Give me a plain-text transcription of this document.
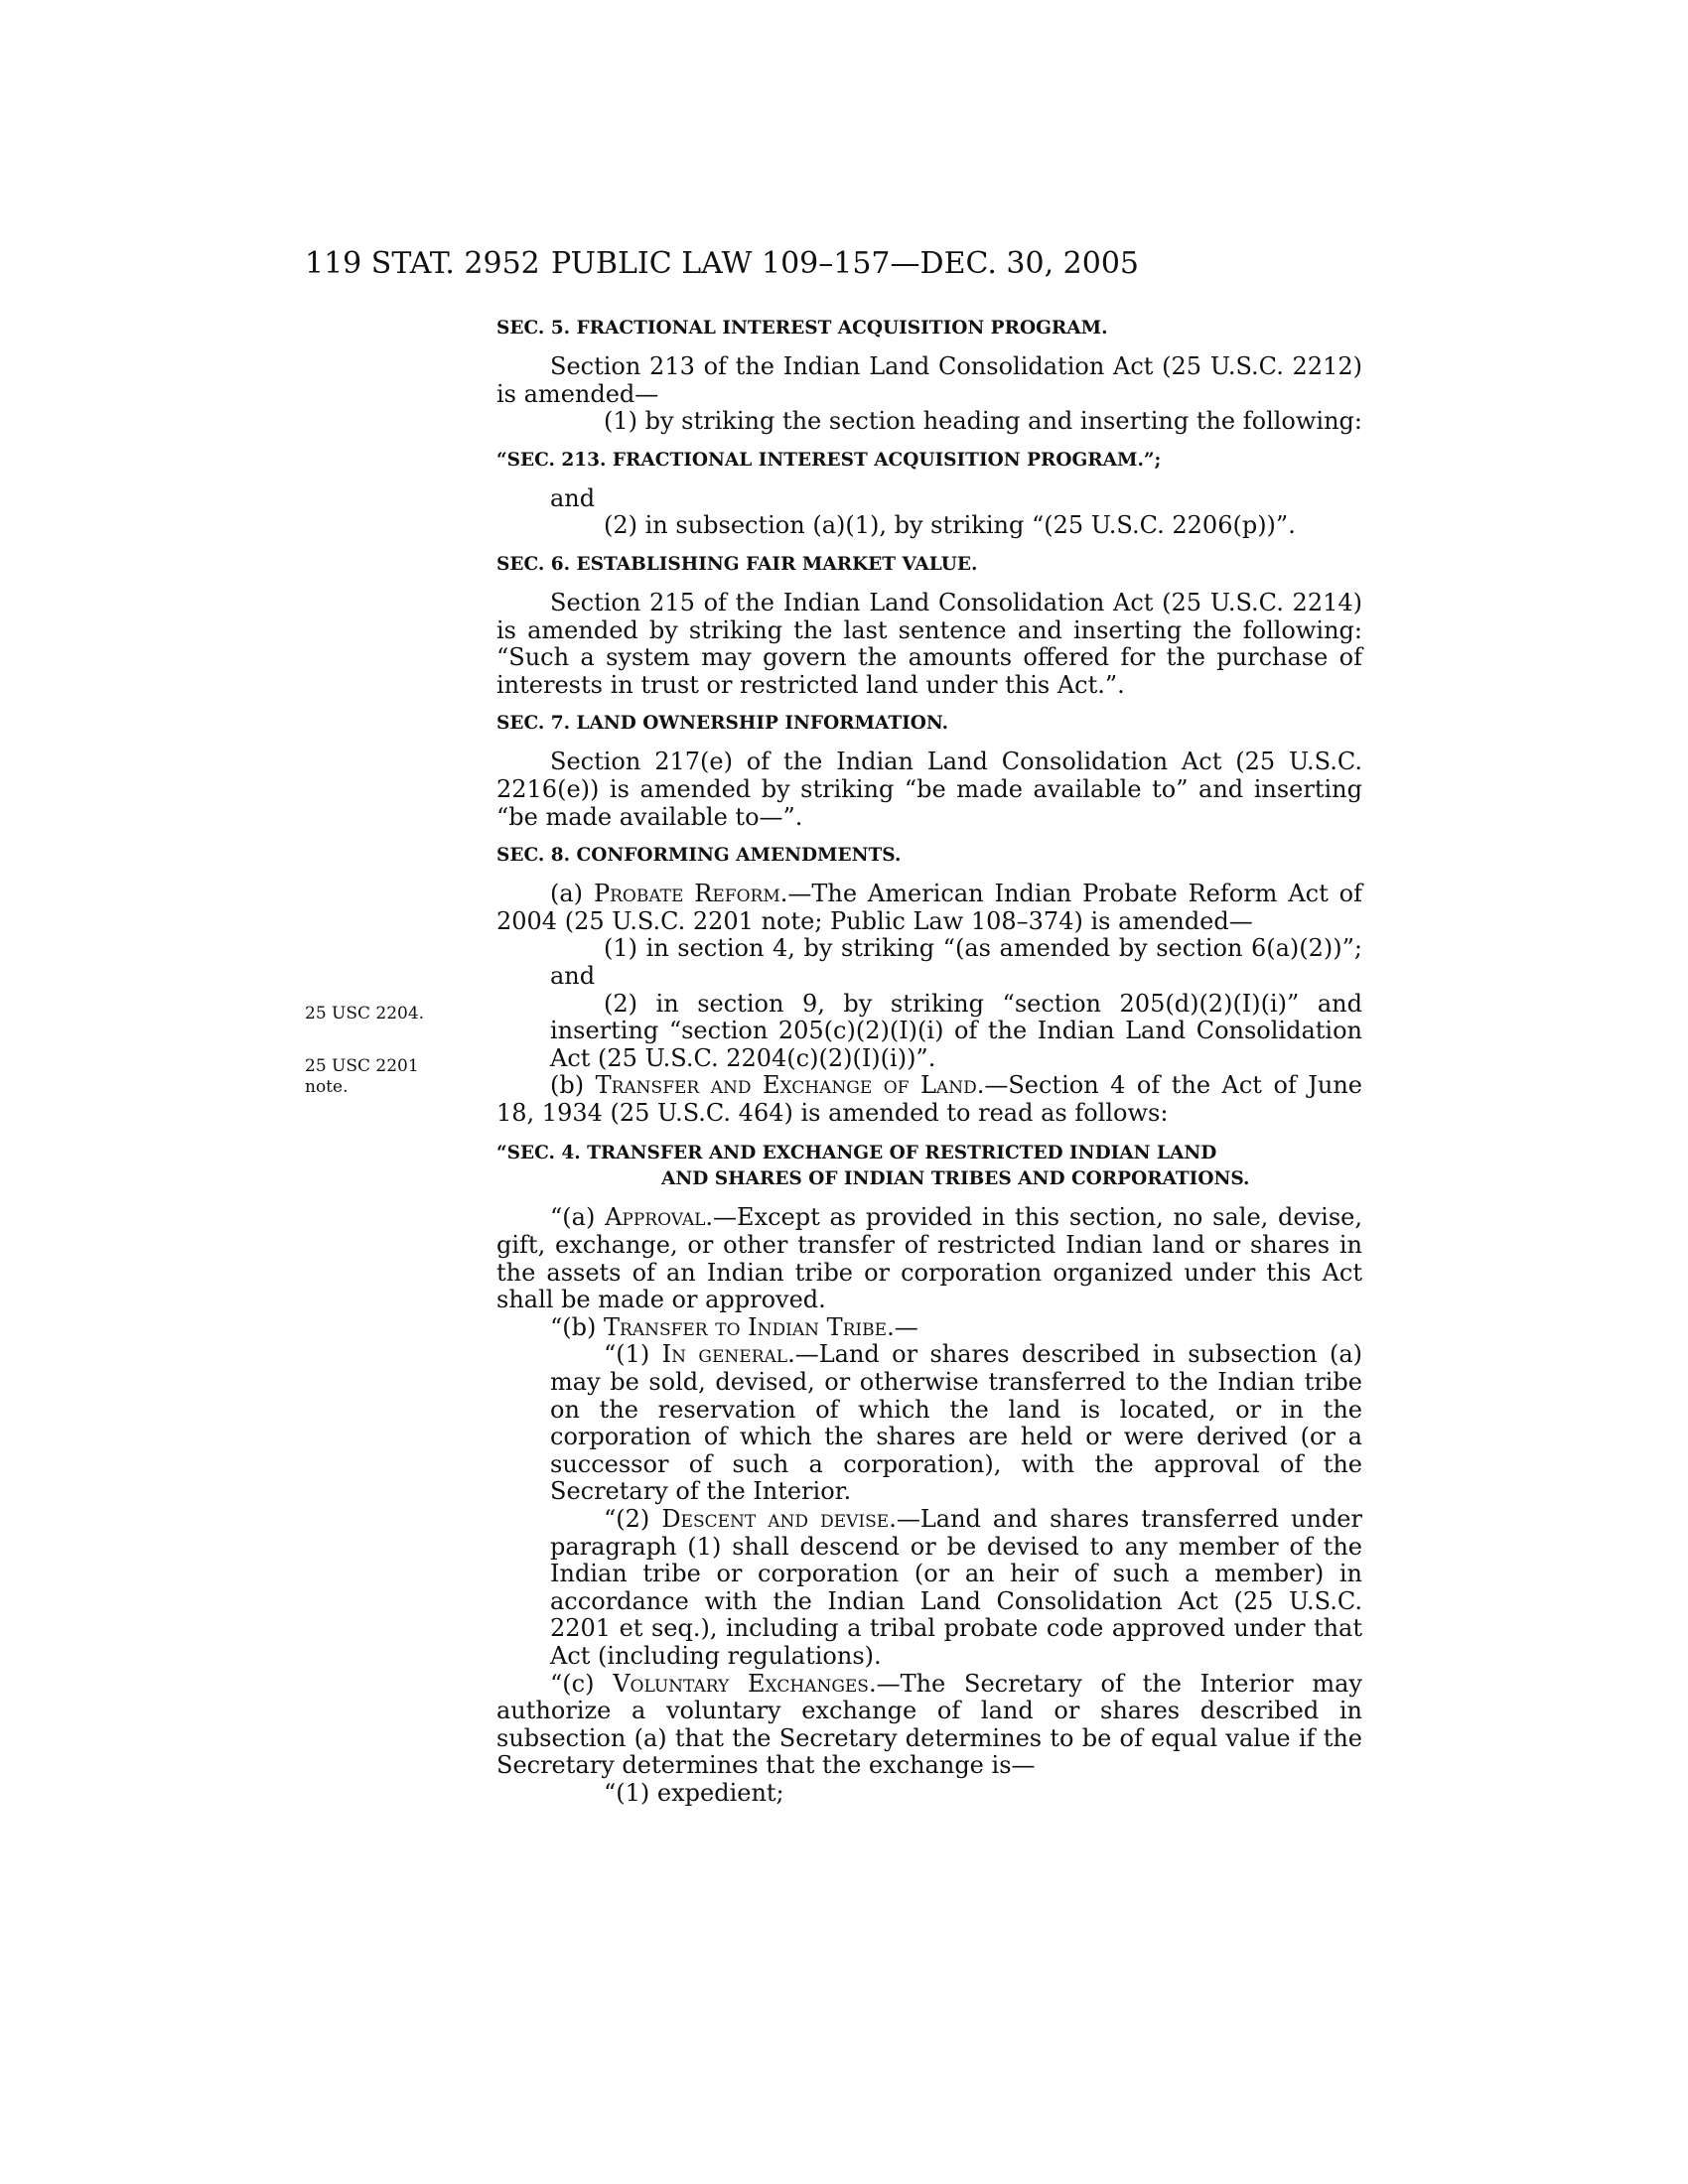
119 STAT. 2952 PUBLIC LAW 109–157—DEC. 30, 2005
25 USC 2204.
25 USC 2201
note.

SEC. 5. FRACTIONAL INTEREST ACQUISITION PROGRAM.

Section 213 of the Indian Land Consolidation Act (25 U.S.C. 2212) is amended—

(1) by striking the section heading and inserting the following:

“SEC. 213. FRACTIONAL INTEREST ACQUISITION PROGRAM.”;

and

(2) in subsection (a)(1), by striking “(25 U.S.C. 2206(p))”.

SEC. 6. ESTABLISHING FAIR MARKET VALUE.

Section 215 of the Indian Land Consolidation Act (25 U.S.C. 2214) is amended by striking the last sentence and inserting the following: “Such a system may govern the amounts offered for the purchase of interests in trust or restricted land under this Act.”.

SEC. 7. LAND OWNERSHIP INFORMATION.

Section 217(e) of the Indian Land Consolidation Act (25 U.S.C. 2216(e)) is amended by striking “be made available to” and inserting “be made available to—”.

SEC. 8. CONFORMING AMENDMENTS.

(a) Probate Reform.—The American Indian Probate Reform Act of 2004 (25 U.S.C. 2201 note; Public Law 108–374) is amended—

(1) in section 4, by striking “(as amended by section 6(a)(2))”; and

(2) in section 9, by striking “section 205(d)(2)(I)(i)” and inserting “section 205(c)(2)(I)(i) of the Indian Land Consolidation Act (25 U.S.C. 2204(c)(2)(I)(i))”.

(b) Transfer and Exchange of Land.—Section 4 of the Act of June 18, 1934 (25 U.S.C. 464) is amended to read as follows:

“SEC. 4. TRANSFER AND EXCHANGE OF RESTRICTED INDIAN LAND
AND SHARES OF INDIAN TRIBES AND CORPORATIONS.

“(a) Approval.—Except as provided in this section, no sale, devise, gift, exchange, or other transfer of restricted Indian land or shares in the assets of an Indian tribe or corporation organized under this Act shall be made or approved.

“(b) Transfer to Indian Tribe.—

“(1) In general.—Land or shares described in subsection (a) may be sold, devised, or otherwise transferred to the Indian tribe on the reservation of which the land is located, or in the corporation of which the shares are held or were derived (or a successor of such a corporation), with the approval of the Secretary of the Interior.

“(2) Descent and devise.—Land and shares transferred under paragraph (1) shall descend or be devised to any member of the Indian tribe or corporation (or an heir of such a member) in accordance with the Indian Land Consolidation Act (25 U.S.C. 2201 et seq.), including a tribal probate code approved under that Act (including regulations).

“(c) Voluntary Exchanges.—The Secretary of the Interior may authorize a voluntary exchange of land or shares described in subsection (a) that the Secretary determines to be of equal value if the Secretary determines that the exchange is—

“(1) expedient;
